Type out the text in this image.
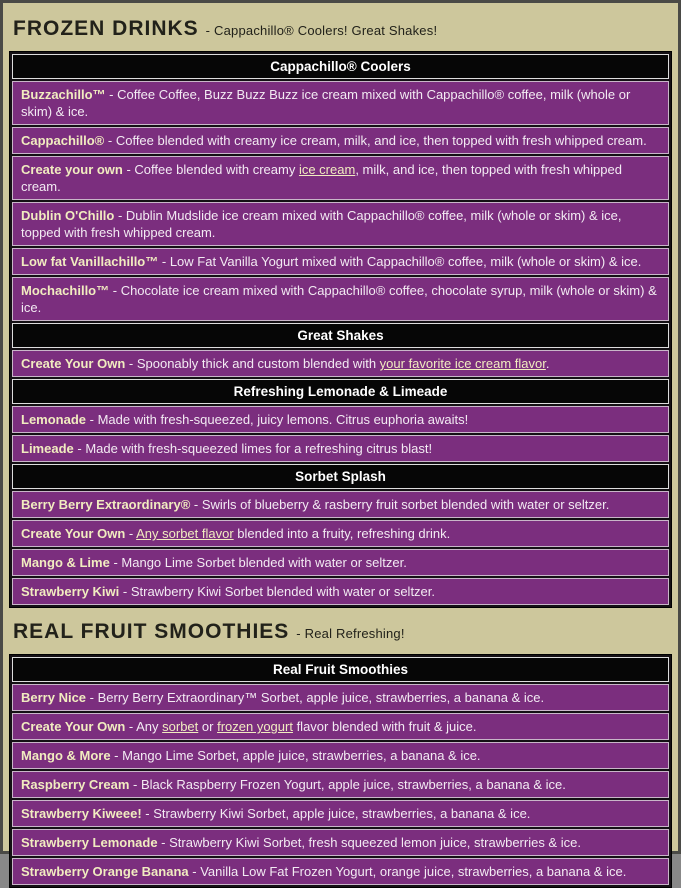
FROZEN DRINKS - Cappachillo® Coolers! Great Shakes!
Cappachillo® Coolers
Buzzachillo™ - Coffee Coffee, Buzz Buzz Buzz ice cream mixed with Cappachillo® coffee, milk (whole or skim) & ice.
Cappachillo® - Coffee blended with creamy ice cream, milk, and ice, then topped with fresh whipped cream.
Create your own - Coffee blended with creamy ice cream, milk, and ice, then topped with fresh whipped cream.
Dublin O'Chillo - Dublin Mudslide ice cream mixed with Cappachillo® coffee, milk (whole or skim) & ice, topped with fresh whipped cream.
Low fat Vanillachillo™ - Low Fat Vanilla Yogurt mixed with Cappachillo® coffee, milk (whole or skim) & ice.
Mochachillo™ - Chocolate ice cream mixed with Cappachillo® coffee, chocolate syrup, milk (whole or skim) & ice.
Great Shakes
Create Your Own - Spoonably thick and custom blended with your favorite ice cream flavor.
Refreshing Lemonade & Limeade
Lemonade - Made with fresh-squeezed, juicy lemons. Citrus euphoria awaits!
Limeade - Made with fresh-squeezed limes for a refreshing citrus blast!
Sorbet Splash
Berry Berry Extraordinary® - Swirls of blueberry & rasberry fruit sorbet blended with water or seltzer.
Create Your Own - Any sorbet flavor blended into a fruity, refreshing drink.
Mango & Lime - Mango Lime Sorbet blended with water or seltzer.
Strawberry Kiwi - Strawberry Kiwi Sorbet blended with water or seltzer.
REAL FRUIT SMOOTHIES - Real Refreshing!
Real Fruit Smoothies
Berry Nice - Berry Berry Extraordinary™ Sorbet, apple juice, strawberries, a banana & ice.
Create Your Own - Any sorbet or frozen yogurt flavor blended with fruit & juice.
Mango & More - Mango Lime Sorbet, apple juice, strawberries, a banana & ice.
Raspberry Cream - Black Raspberry Frozen Yogurt, apple juice, strawberries, a banana & ice.
Strawberry Kiweee! - Strawberry Kiwi Sorbet, apple juice, strawberries, a banana & ice.
Strawberry Lemonade - Strawberry Kiwi Sorbet, fresh squeezed lemon juice, strawberries & ice.
Strawberry Orange Banana - Vanilla Low Fat Frozen Yogurt, orange juice, strawberries, a banana & ice.
